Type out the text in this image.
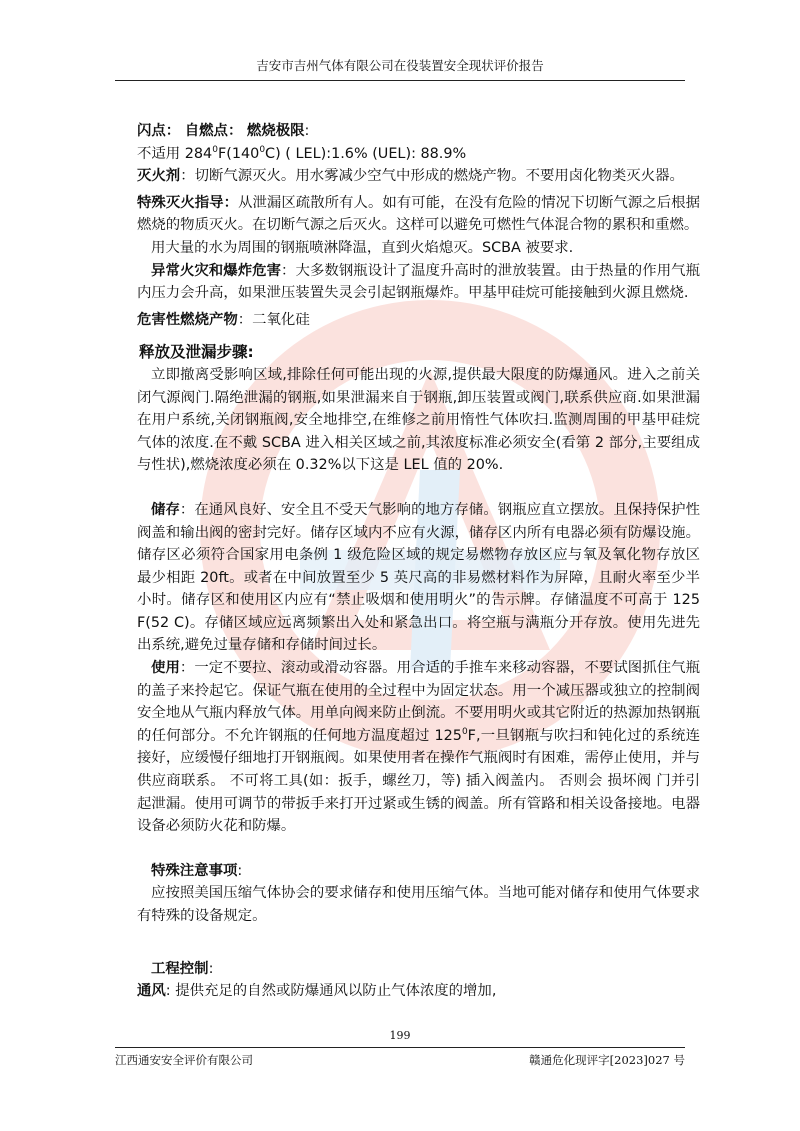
吉安市吉州气体有限公司在役装置安全现状评价报告

闪点： 自燃点： 燃烧极限:

不适用 $284^0F(140^0C)$ ( LEL):1.6% (UEL): 88.9%

灭火剂：切断气源灭火。用水雾减少空气中形成的燃烧产物。不要用卤化物类灭火器。

特殊灭火指导：从泄漏区疏散所有人。如有可能，在没有危险的情况下切断气源之后根据燃烧的物质灭火。在切断气源之后灭火。这样可以避免可燃性气体混合物的累积和重燃。

用大量的水为周围的钢瓶喷淋降温，直到火焰熄灭。SCBA 被要求.

异常火灾和爆炸危害：大多数钢瓶设计了温度升高时的泄放装置。由于热量的作用气瓶内压力会升高，如果泄压装置失灵会引起钢瓶爆炸。甲基甲硅烷可能接触到火源且燃烧.

危害性燃烧产物：二氧化硅

释放及泄漏步骤:

立即撤离受影响区域,排除任何可能出现的火源,提供最大限度的防爆通风。进入之前关闭气源阀门.隔绝泄漏的钢瓶,如果泄漏来自于钢瓶,卸压装置或阀门,联系供应商.如果泄漏在用户系统,关闭钢瓶阀,安全地排空,在维修之前用惰性气体吹扫.监测周围的甲基甲硅烷气体的浓度.在不戴 SCBA 进入相关区域之前,其浓度标准必须安全(看第 2 部分,主要组成与性状),燃烧浓度必须在 0.32%以下这是 LEL 值的 20%.

储存：在通风良好、安全且不受天气影响的地方存储。钢瓶应直立摆放。且保持保护性阀盖和输出阀的密封完好。储存区域内不应有火源，储存区内所有电器必须有防爆设施。储存区必须符合国家用电条例 1 级危险区域的规定易燃物存放区应与氧及氧化物存放区最少相距 20ft。或者在中间放置至少 5 英尺高的非易燃材料作为屏障，且耐火率至少半小时。储存区和使用区内应有“禁止吸烟和使用明火”的告示牌。存储温度不可高于 125 F(52 C)。存储区域应远离频繁出入处和紧急出口。将空瓶与满瓶分开存放。使用先进先出系统,避免过量存储和存储时间过长。

使用：一定不要拉、滚动或滑动容器。用合适的手推车来移动容器，不要试图抓住气瓶的盖子来拎起它。保证气瓶在使用的全过程中为固定状态。用一个减压器或独立的控制阀安全地从气瓶内释放气体。用单向阀来防止倒流。不要用明火或其它附近的热源加热钢瓶的任何部分。不允许钢瓶的任何地方温度超过 $125^0F$,一旦钢瓶与吹扫和钝化过的系统连接好，应缓慢仔细地打开钢瓶阀。如果使用者在操作气瓶阀时有困难，需停止使用，并与供应商联系。 不可将工具(如：扳手，螺丝刀，等) 插入阀盖内。 否则会 损坏阀 门并引起泄漏。使用可调节的带扳手来打开过紧或生锈的阀盖。所有管路和相关设备接地。电器设备必须防火花和防爆。

特殊注意事项:

应按照美国压缩气体协会的要求储存和使用压缩气体。当地可能对储存和使用气体要求有特殊的设备规定。

工程控制:

通风: 提供充足的自然或防爆通风以防止气体浓度的增加,

199
江西通安安全评价有限公司	赣通危化现评字[2023]027 号
